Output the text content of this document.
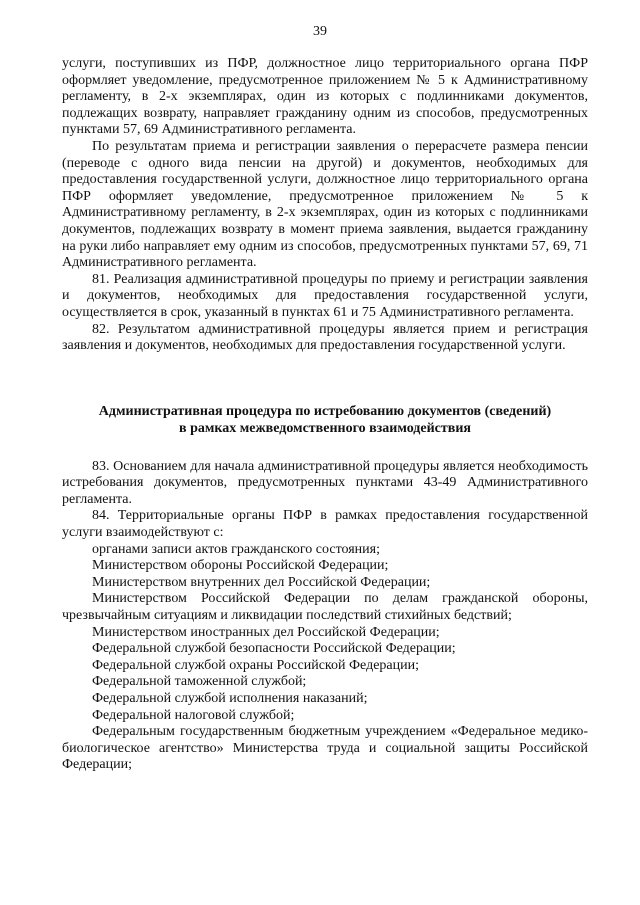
39

услуги, поступивших из ПФР, должностное лицо территориального органа ПФР оформляет уведомление, предусмотренное приложением № 5 к Административному регламенту, в 2-х экземплярах, один из которых с подлинниками документов, подлежащих возврату, направляет гражданину одним из способов, предусмотренных пунктами 57, 69 Административного регламента.

По результатам приема и регистрации заявления о перерасчете размера пенсии (переводе с одного вида пенсии на другой) и документов, необходимых для предоставления государственной услуги, должностное лицо территориального органа ПФР оформляет уведомление, предусмотренное приложением № 5 к Административному регламенту, в 2-х экземплярах, один из которых с подлинниками документов, подлежащих возврату в момент приема заявления, выдается гражданину на руки либо направляет ему одним из способов, предусмотренных пунктами 57, 69, 71 Административного регламента.

81. Реализация административной процедуры по приему и регистрации заявления и документов, необходимых для предоставления государственной услуги, осуществляется в срок, указанный в пунктах 61 и 75 Административного регламента.

82. Результатом административной процедуры является прием и регистрация заявления и документов, необходимых для предоставления государственной услуги.

Административная процедура по истребованию документов (сведений)

в рамках межведомственного взаимодействия

83. Основанием для начала административной процедуры является необходимость истребования документов, предусмотренных пунктами 43-49 Административного регламента.

84. Территориальные органы ПФР в рамках предоставления государственной услуги взаимодействуют с:

органами записи актов гражданского состояния;

Министерством обороны Российской Федерации;

Министерством внутренних дел Российской Федерации;

Министерством Российской Федерации по делам гражданской обороны, чрезвычайным ситуациям и ликвидации последствий стихийных бедствий;

Министерством иностранных дел Российской Федерации;

Федеральной службой безопасности Российской Федерации;

Федеральной службой охраны Российской Федерации;

Федеральной таможенной службой;

Федеральной службой исполнения наказаний;

Федеральной налоговой службой;

Федеральным государственным бюджетным учреждением «Федеральное медико-биологическое агентство» Министерства труда и социальной защиты Российской Федерации;
